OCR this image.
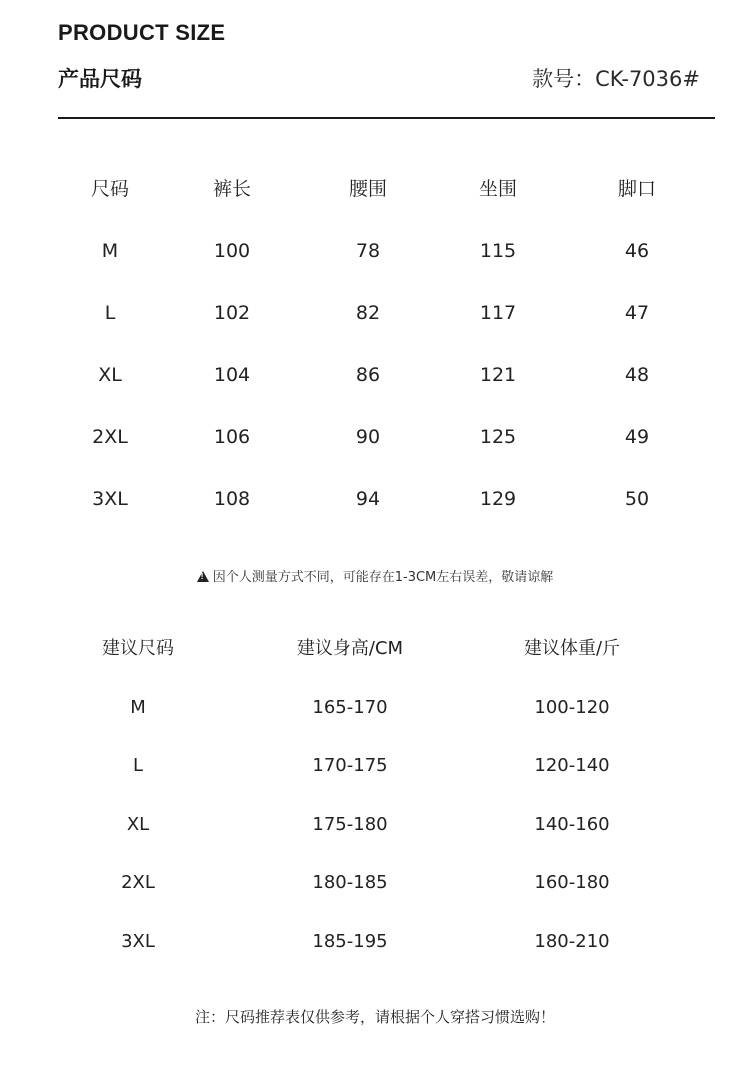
PRODUCT SIZE
产品尺码	款号：CK-7036#
尺码	裤长	腰围	坐围	脚口
M	100	78	115	46
L	102	82	117	47
XL	104	86	121	48
2XL	106	90	125	49
3XL	108	94	129	50
!因个人测量方式不同，可能存在1-3CM左右误差，敬请谅解
建议尺码	建议身高/CM	建议体重/斤
M	165-170	100-120
L	170-175	120-140
XL	175-180	140-160
2XL	180-185	160-180
3XL	185-195	180-210
注：尺码推荐表仅供参考，请根据个人穿搭习惯选购！
